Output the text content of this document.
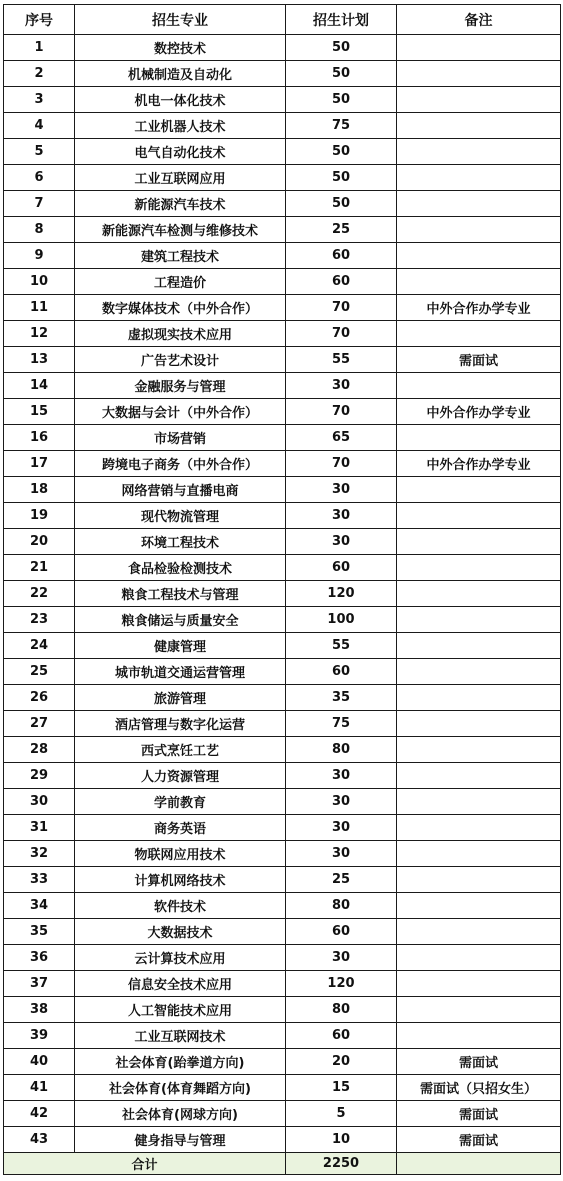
序号	招生专业	招生计划	备注
1	数控技术	50	
2	机械制造及自动化	50	
3	机电一体化技术	50	
4	工业机器人技术	75	
5	电气自动化技术	50	
6	工业互联网应用	50	
7	新能源汽车技术	50	
8	新能源汽车检测与维修技术	25	
9	建筑工程技术	60	
10	工程造价	60	
11	数字媒体技术（中外合作）	70	中外合作办学专业
12	虚拟现实技术应用	70	
13	广告艺术设计	55	需面试
14	金融服务与管理	30	
15	大数据与会计（中外合作）	70	中外合作办学专业
16	市场营销	65	
17	跨境电子商务（中外合作）	70	中外合作办学专业
18	网络营销与直播电商	30	
19	现代物流管理	30	
20	环境工程技术	30	
21	食品检验检测技术	60	
22	粮食工程技术与管理	120	
23	粮食储运与质量安全	100	
24	健康管理	55	
25	城市轨道交通运营管理	60	
26	旅游管理	35	
27	酒店管理与数字化运营	75	
28	西式烹饪工艺	80	
29	人力资源管理	30	
30	学前教育	30	
31	商务英语	30	
32	物联网应用技术	30	
33	计算机网络技术	25	
34	软件技术	80	
35	大数据技术	60	
36	云计算技术应用	30	
37	信息安全技术应用	120	
38	人工智能技术应用	80	
39	工业互联网技术	60	
40	社会体育(跆拳道方向)	20	需面试
41	社会体育(体育舞蹈方向)	15	需面试（只招女生）
42	社会体育(网球方向)	5	需面试
43	健身指导与管理	10	需面试
合计		2250	
